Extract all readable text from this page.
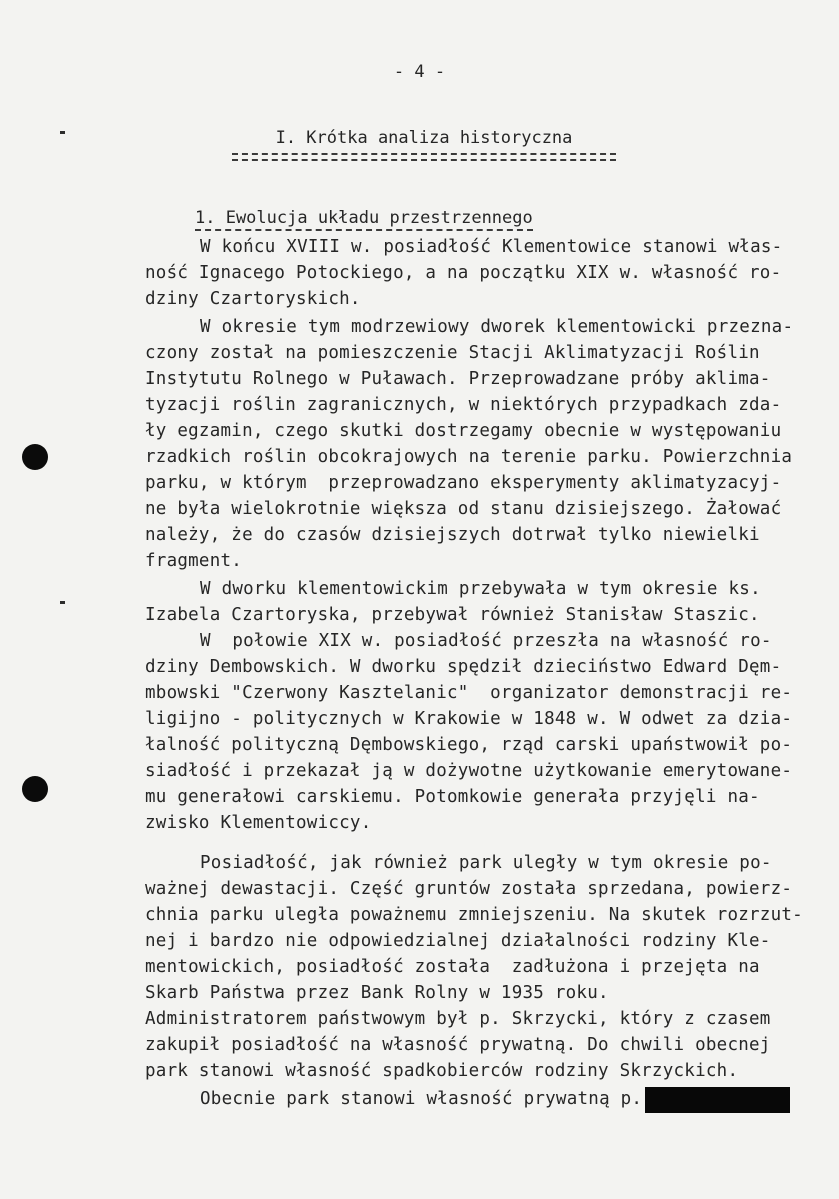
- 4 -
I. Krótka analiza historyczna
1. Ewolucja układu przestrzennego
W końcu XVIII w. posiadłość Klementowice stanowi włas-
ność Ignacego Potockiego, a na początku XIX w. własność ro-
dziny Czartoryskich.
W okresie tym modrzewiowy dworek klementowicki przezna-
czony został na pomieszczenie Stacji Aklimatyzacji Roślin
Instytutu Rolnego w Puławach. Przeprowadzane próby aklima-
tyzacji roślin zagranicznych, w niektórych przypadkach zda-
ły egzamin, czego skutki dostrzegamy obecnie w występowaniu
rzadkich roślin obcokrajowych na terenie parku. Powierzchnia
parku, w którym  przeprowadzano eksperymenty aklimatyzacyj-
ne była wielokrotnie większa od stanu dzisiejszego. Żałować
należy, że do czasów dzisiejszych dotrwał tylko niewielki
fragment.
W dworku klementowickim przebywała w tym okresie ks.
Izabela Czartoryska, przebywał również Stanisław Staszic.
W  połowie XIX w. posiadłość przeszła na własność ro-
dziny Dembowskich. W dworku spędził dzieciństwo Edward Dęm-
mbowski "Czerwony Kasztelanic"  organizator demonstracji re-
ligijno - politycznych w Krakowie w 1848 w. W odwet za dzia-
łalność polityczną Dęmbowskiego, rząd carski upaństwowił po-
siadłość i przekazał ją w dożywotne użytkowanie emerytowane-
mu generałowi carskiemu. Potomkowie generała przyjęli na-
zwisko Klementowiccy.
Posiadłość, jak również park uległy w tym okresie po-
ważnej dewastacji. Część gruntów została sprzedana, powierz-
chnia parku uległa poważnemu zmniejszeniu. Na skutek rozrzut-
nej i bardzo nie odpowiedzialnej działalności rodziny Kle-
mentowickich, posiadłość została  zadłużona i przejęta na
Skarb Państwa przez Bank Rolny w 1935 roku.
Administratorem państwowym był p. Skrzycki, który z czasem
zakupił posiadłość na własność prywatną. Do chwili obecnej
park stanowi własność spadkobierców rodziny Skrzyckich.
Obecnie park stanowi własność prywatną p.
